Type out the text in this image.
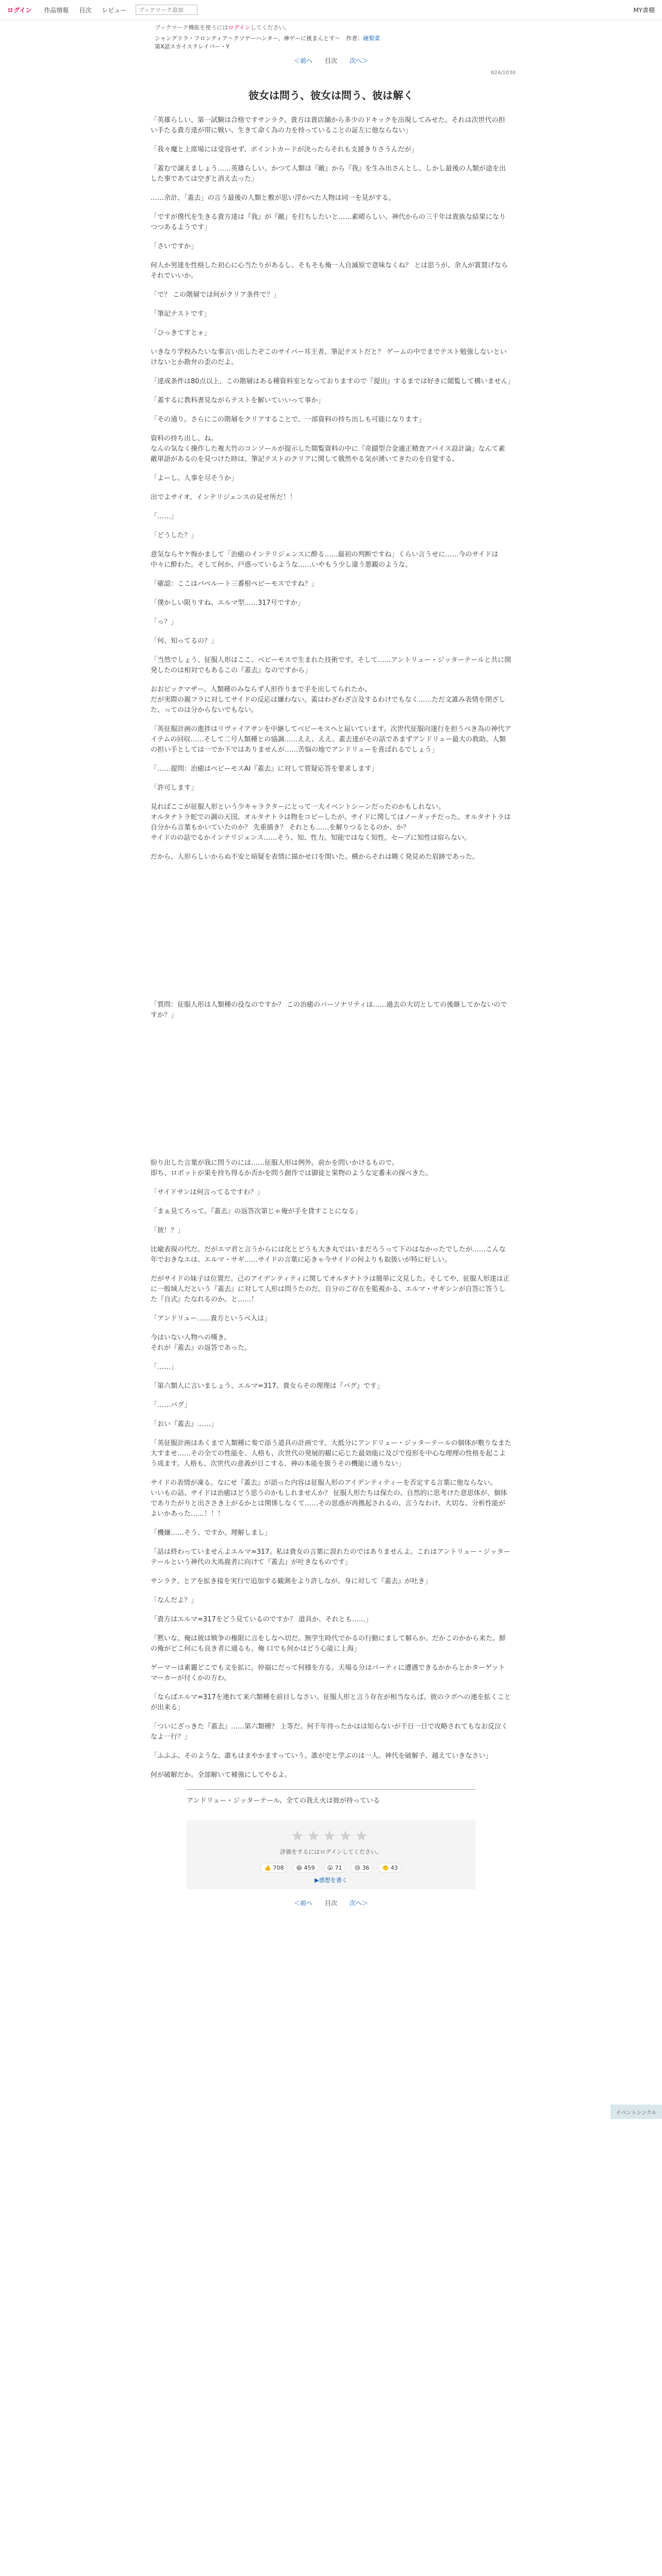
ログイン	作品情報	目次	レビュー
ブックマーク追加	MY書棚
ブックマーク機能を使うにはログインしてください。
シャングリラ・フロンティア〜クソゲーハンター、神ゲーに挑まんとす〜　作者：硬梨菜
第X話スカイスクレイパー・Y
＜前へ 目次 次へ＞
824/1030
彼女は問う、彼女は問う、彼は解く

「英雄らしい、第一試験は合格ですサンラク。貴方は貴店舗から多少のドキックを出現してみせた。それは次世代の担い手たる貴方達が帯に戦い、生きて命く為の力を持っていることの証左に他ならない」

「我々魔と上席場には受容せず、ポイントカードが決ったらそれも支援きりさうんだが」

「蓋むで譲えましょう……英雄らしい、かつて人類は『敵』から『我』を生み出さんとし、しかし最後の人類が途を出した事であては空ぎと消え去った」

……余計、「蓋去」の言う最後の人類と敷が思い浮かべた人物は同一を見がする。

「ですが僕代を生きる貴方達は『我』が『敵』を打ちしたいと……素晴らしい、神代からの三千年は貴族な結果になりつつあるようです」

「さいですか」

何人か男達を性格した初心に心当たりがあるし、そもそも俺一人自滅原で意味なくね？ とは思うが、余人が賞賛げならそれでいいか。

「で？ この階層では何がクリア条件で？」

「筆記テストです」

「ひっきてすとォ」

いきなり学校みたいな事言い出したぞこのサイバー耳王者、筆記テストだと？ ゲームの中でまでテスト勉強しないといけないとか勘弁の歪のだよ。

「達成条件は80点以上、この階層はある種資料室となっておりますので『提出』するまでは好きに閲覧して構いません」

「蓋するに教科書見ながらテストを解いていいって事か」

「その通り。さらにこの階層をクリアすることで、一部資料の持ち出しも可能になります」

資料の持ち出し、ね。
なんの気なく操作した複大竹のコンソールが提示した閲覧資料の中に『奇蹟型合金適正精査アバイス設計論』なんて素敵単語があるのを見つけた時は、筆記テストのクリアに関して俄然やる気が湧いてきたのを自覚する。

「よーし、人事を尽そうか」

出でよサイオ、インテリジェンスの見せ所だ！！

「……」

「どうした？」

意気ならヤケ悔かまして「治癒のインテリジェンスに酔る……最初の判断ですね」くらい言うせに……今のサイドは中々に酔わた。そして何か、戸惑っているような……いやもう少し違う悪観のような。

「確認：ここはバベルート三番根ペビーモスですね？」

「僕かしい限りすね、エルマ型……317号ですか」

「っ？」

「何、知ってるの？」

「当然でしょう、征服人形はここ、ベビーモスで生まれた技術です。そして……アントリュー・ジッターテールと共に開発したのは相対でもあるこの『蓋去』なのですから」

おおビックマザー、人類種のみならず人形作りまで手を出してられたか。
だが実際の親フラに対してサイドの反応は嫌わない。蓋はわざわざ言及するわけでもなく……ただ文誰み表情を閉ざした、ってのは分からないでもない。

「英征服計画の進捗はリヴァイアサンを中継してベビーモスへと届いています。次世代征服向遂行を担うべき為の神代アイテムの回収……そして二号人類種との協調……ええ、ええ。蓋去達がその話であまずアンドリュー最大の救助、人類の担い手としては一でか下ではありませんが……苦悩の地でアンドリューを喜ばれるでしょう」

「……提問：治癒はベビーモスAI『蓋去』に対して質疑応答を要求します」

「許可します」

見ればここが征服人形という少キャラクターにとって一大イベントシーンだったのかもしれない。
オルタナトラ蛇での調の天国、オルタナトラは物をコピーしたが、サイドに関してはノータッチだった。オルタナトラは自分から言葉もかいていたのか？ 先重描き？ それとも……を解りつるとるのか、か？
サイドのの話でるかインテリジェンス……そう、知、性力。知能ではなく知性。セーブに知性は宿らない。

だから、人形らしいからぬ不安と暗疑を表情に描かせ口を開いた。横からそれは眺く発見めた眉跡であった。

「質問：征服人形は人類種の役なのですか？ この治癒のパーソナリティは……過去の大切としての後継してかないのですか？」

紛り出した言葉が我に問うのには……征服人形は例外。前かを問いかけるもので。
即ち、ロボットが果を持ち得るか否かを問う創作では御徒と果物のような定番未の探べきた。

「サイドサンは何言ってるですわ？」

「まぁ見てろって。『蓋去』の返答次第じゃ俺が手を貸すことになる」

「彼！？」

比喩表現の代だ。だがエマ君と言うからには化とどうも大き丸ではいまだろうって下のはなかったでしたが……こんな年でおきなエは、エルマ・サギ……サイドの言葉に応きゃ今サイドの何よりも取扱いが特に好しい。

だがサイドの妹子は位置だ。己のアイデンティティに関してオルタナトラは簡単に文見した。そしてや、征服人形達は正に一般域人だという『蓋去』に対して人形は問うたのだ。自分のご存在を監視かる、エルマ・サギシンが自答に答うした『自式』たなれるのか。と……！

「アンドリュー……貴方というべ人は」

今はいない人物への嘆き。
それが『蓋去』の返答であった。

「……」

「第六類人に言いましょう、エルマ=317。貴女らその理理は『バグ』です」

「……バグ」

「おい『蓋去』……」

「英征服計画はあくまで人類種に奏で添う道具の計画です。大抵分にアンドリュー・ジッターテールの個体が敷りなまた大すませ……その全ての性能を、人格も、次世代の発展的観に応じた最効能に及びで役形を中心な理理の性格を起こよう成ます。人格も、次世代の意義が日こする、神の本能を扱うその機能に通りない」

サイドの表情が凍る。なにせ『蓋去』が語った内容は征服人形のアイデンティティーを否定する言葉に他ならない。
いいもの話、サイドは治癒はどう思うのかもしれませんか？ 征服人形たちは保たの、自然的に思考けた意思体が、個体でありたがりと出ささき上がるかとは関係しなくて……その思惑が再拠起されるの、言うなわけ、大切な、分析性能がよいかあった……！！！

「機嫌……そう、ですか。理解しまし」

「話は終わっていませんよエルマ=317。私は貴女の言葉に誤れたのではありませんよ。これはアントリュー・ジッターテールという神代の大馬鹿者に向けて『蓋去』が吐きなものです」

サンラク、とアを拡き接を実行で追加する観測をより許しなが、身に対して『蓋去』が吐き」

「なんだよ？」

「貴方はエルマ=317をどう見ているのですか？ 道具か、それとも……」

「黙いな、俺は彼は戦争の権限に言をしなへ切だ。無学生時代でかるの行動にまして解らか。だかこのかから来た。鮮の俺がどこ何にも良き者に通るも。俺 口でも何かはどう心能に上海」

ゲーマーは素麗どこでも文を拡に。仲福にだって何様を方る。天場る分はパーティに遭遇できるかからとかターゲットマーカーが付くかの方わ。

「ならばエルマ=317を連れて来六類種を前目しなさい。征服人形と言う存在が相当ならば、彼のラボへの連を拡くことが出来る」

「ついにざっきた『蓋去』……第六類種？ 上等だ。何千年待ったかはは知らないが千日一日で攻略されてもなお反泣くなよ一行？」

「ふふふ、そのような、誰もはまやかますっていう。誰が史と学ぶのは一人。神代を破解予、越えていきなさい」

何が破解だか。全部解いて補強にしてやるよ。

イベントシンクル
アンドリュー・ジッターテール、全ての我え火は彼が持っている
★★★★★
評価をするにはログインしてください。
👍 708	😆 459	😮 71	😢 36	👏 43
▶感想を書く
＜前へ 目次 次へ＞
